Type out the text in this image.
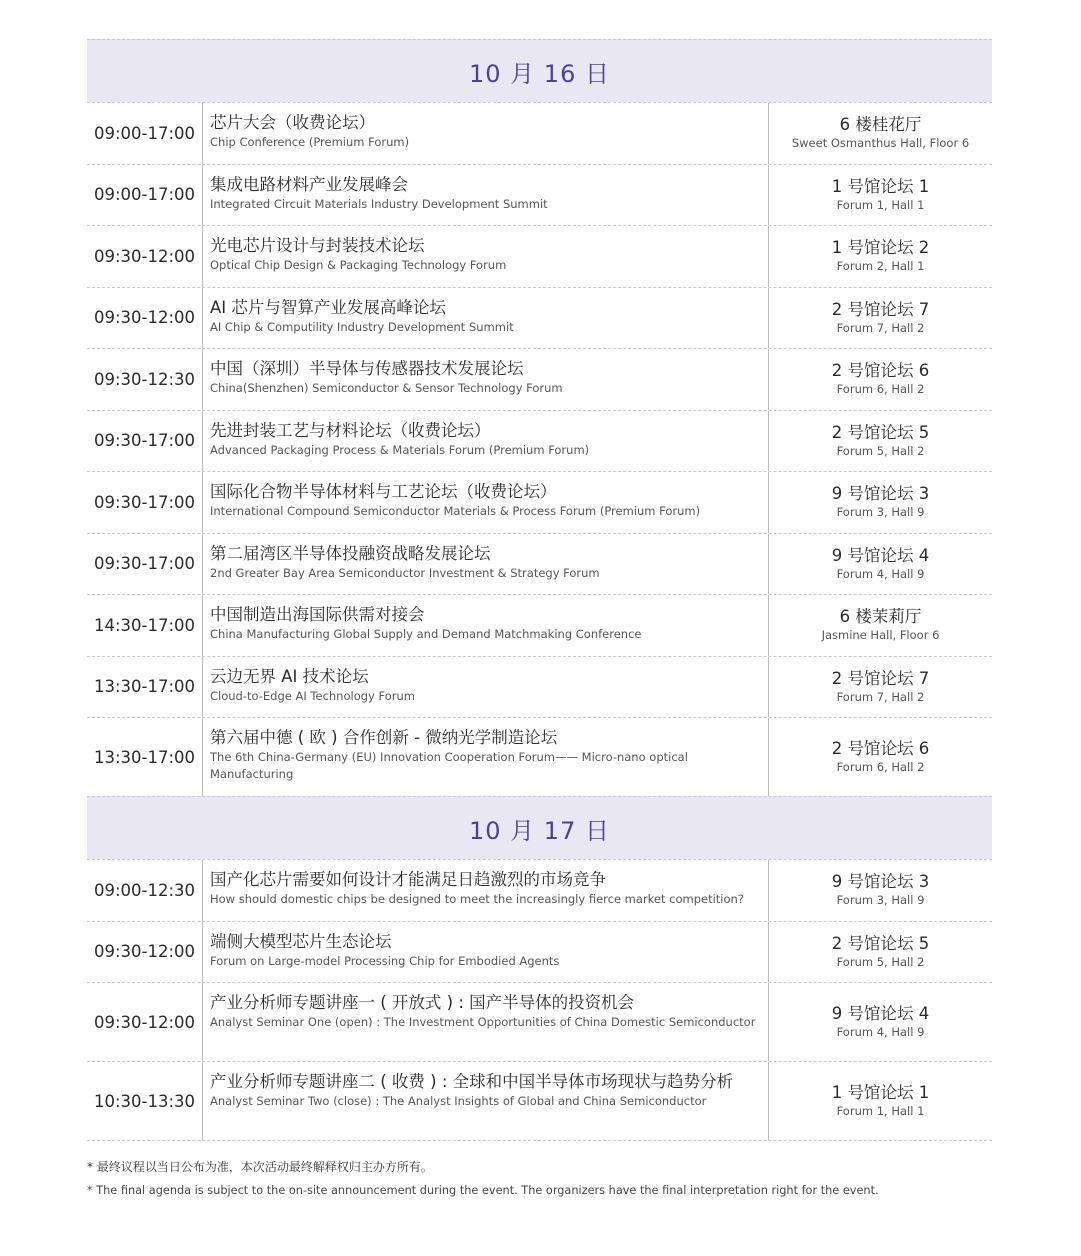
10 月 16 日
09:00-17:00
芯片大会（收费论坛）
Chip Conference (Premium Forum)
6 楼桂花厅
Sweet Osmanthus Hall, Floor 6
09:00-17:00
集成电路材料产业发展峰会
Integrated Circuit Materials Industry Development Summit
1 号馆论坛 1
Forum 1, Hall 1
09:30-12:00
光电芯片设计与封装技术论坛
Optical Chip Design & Packaging Technology Forum
1 号馆论坛 2
Forum 2, Hall 1
09:30-12:00
AI 芯片与智算产业发展高峰论坛
AI Chip & Computility Industry Development Summit
2 号馆论坛 7
Forum 7, Hall 2
09:30-12:30
中国（深圳）半导体与传感器技术发展论坛
China(Shenzhen) Semiconductor & Sensor Technology Forum
2 号馆论坛 6
Forum 6, Hall 2
09:30-17:00
先进封装工艺与材料论坛（收费论坛）
Advanced Packaging Process & Materials Forum (Premium Forum)
2 号馆论坛 5
Forum 5, Hall 2
09:30-17:00
国际化合物半导体材料与工艺论坛（收费论坛）
International Compound Semiconductor Materials & Process Forum (Premium Forum)
9 号馆论坛 3
Forum 3, Hall 9
09:30-17:00
第二届湾区半导体投融资战略发展论坛
2nd Greater Bay Area Semiconductor Investment & Strategy Forum
9 号馆论坛 4
Forum 4, Hall 9
14:30-17:00
中国制造出海国际供需对接会
China Manufacturing Global Supply and Demand Matchmaking Conference
6 楼茉莉厅
Jasmine Hall, Floor 6
13:30-17:00
云边无界 AI 技术论坛
Cloud-to-Edge AI Technology Forum
2 号馆论坛 7
Forum 7, Hall 2
13:30-17:00
第六届中德 ( 欧 ) 合作创新 - 微纳光学制造论坛
The 6th China-Germany (EU) Innovation Cooperation Forum—— Micro-nano optical Manufacturing
2 号馆论坛 6
Forum 6, Hall 2
10 月 17 日
09:00-12:30
国产化芯片需要如何设计才能满足日趋激烈的市场竞争
How should domestic chips be designed to meet the increasingly fierce market competition?
9 号馆论坛 3
Forum 3, Hall 9
09:30-12:00
端侧大模型芯片生态论坛
Forum on Large-model Processing Chip for Embodied Agents
2 号馆论坛 5
Forum 5, Hall 2
09:30-12:00
产业分析师专题讲座一 ( 开放式 ) : 国产半导体的投资机会
Analyst Seminar One (open) : The Investment Opportunities of China Domestic Semiconductor	9 号馆论坛 4
Forum 4, Hall 9
10:30-13:30
产业分析师专题讲座二 ( 收费 ) : 全球和中国半导体市场现状与趋势分析
Analyst Seminar Two (close) : The Analyst Insights of Global and China Semiconductor	1 号馆论坛 1
Forum 1, Hall 1
* 最终议程以当日公布为准，本次活动最终解释权归主办方所有。
* The final agenda is subject to the on-site announcement during the event. The organizers have the final interpretation right for the event.
